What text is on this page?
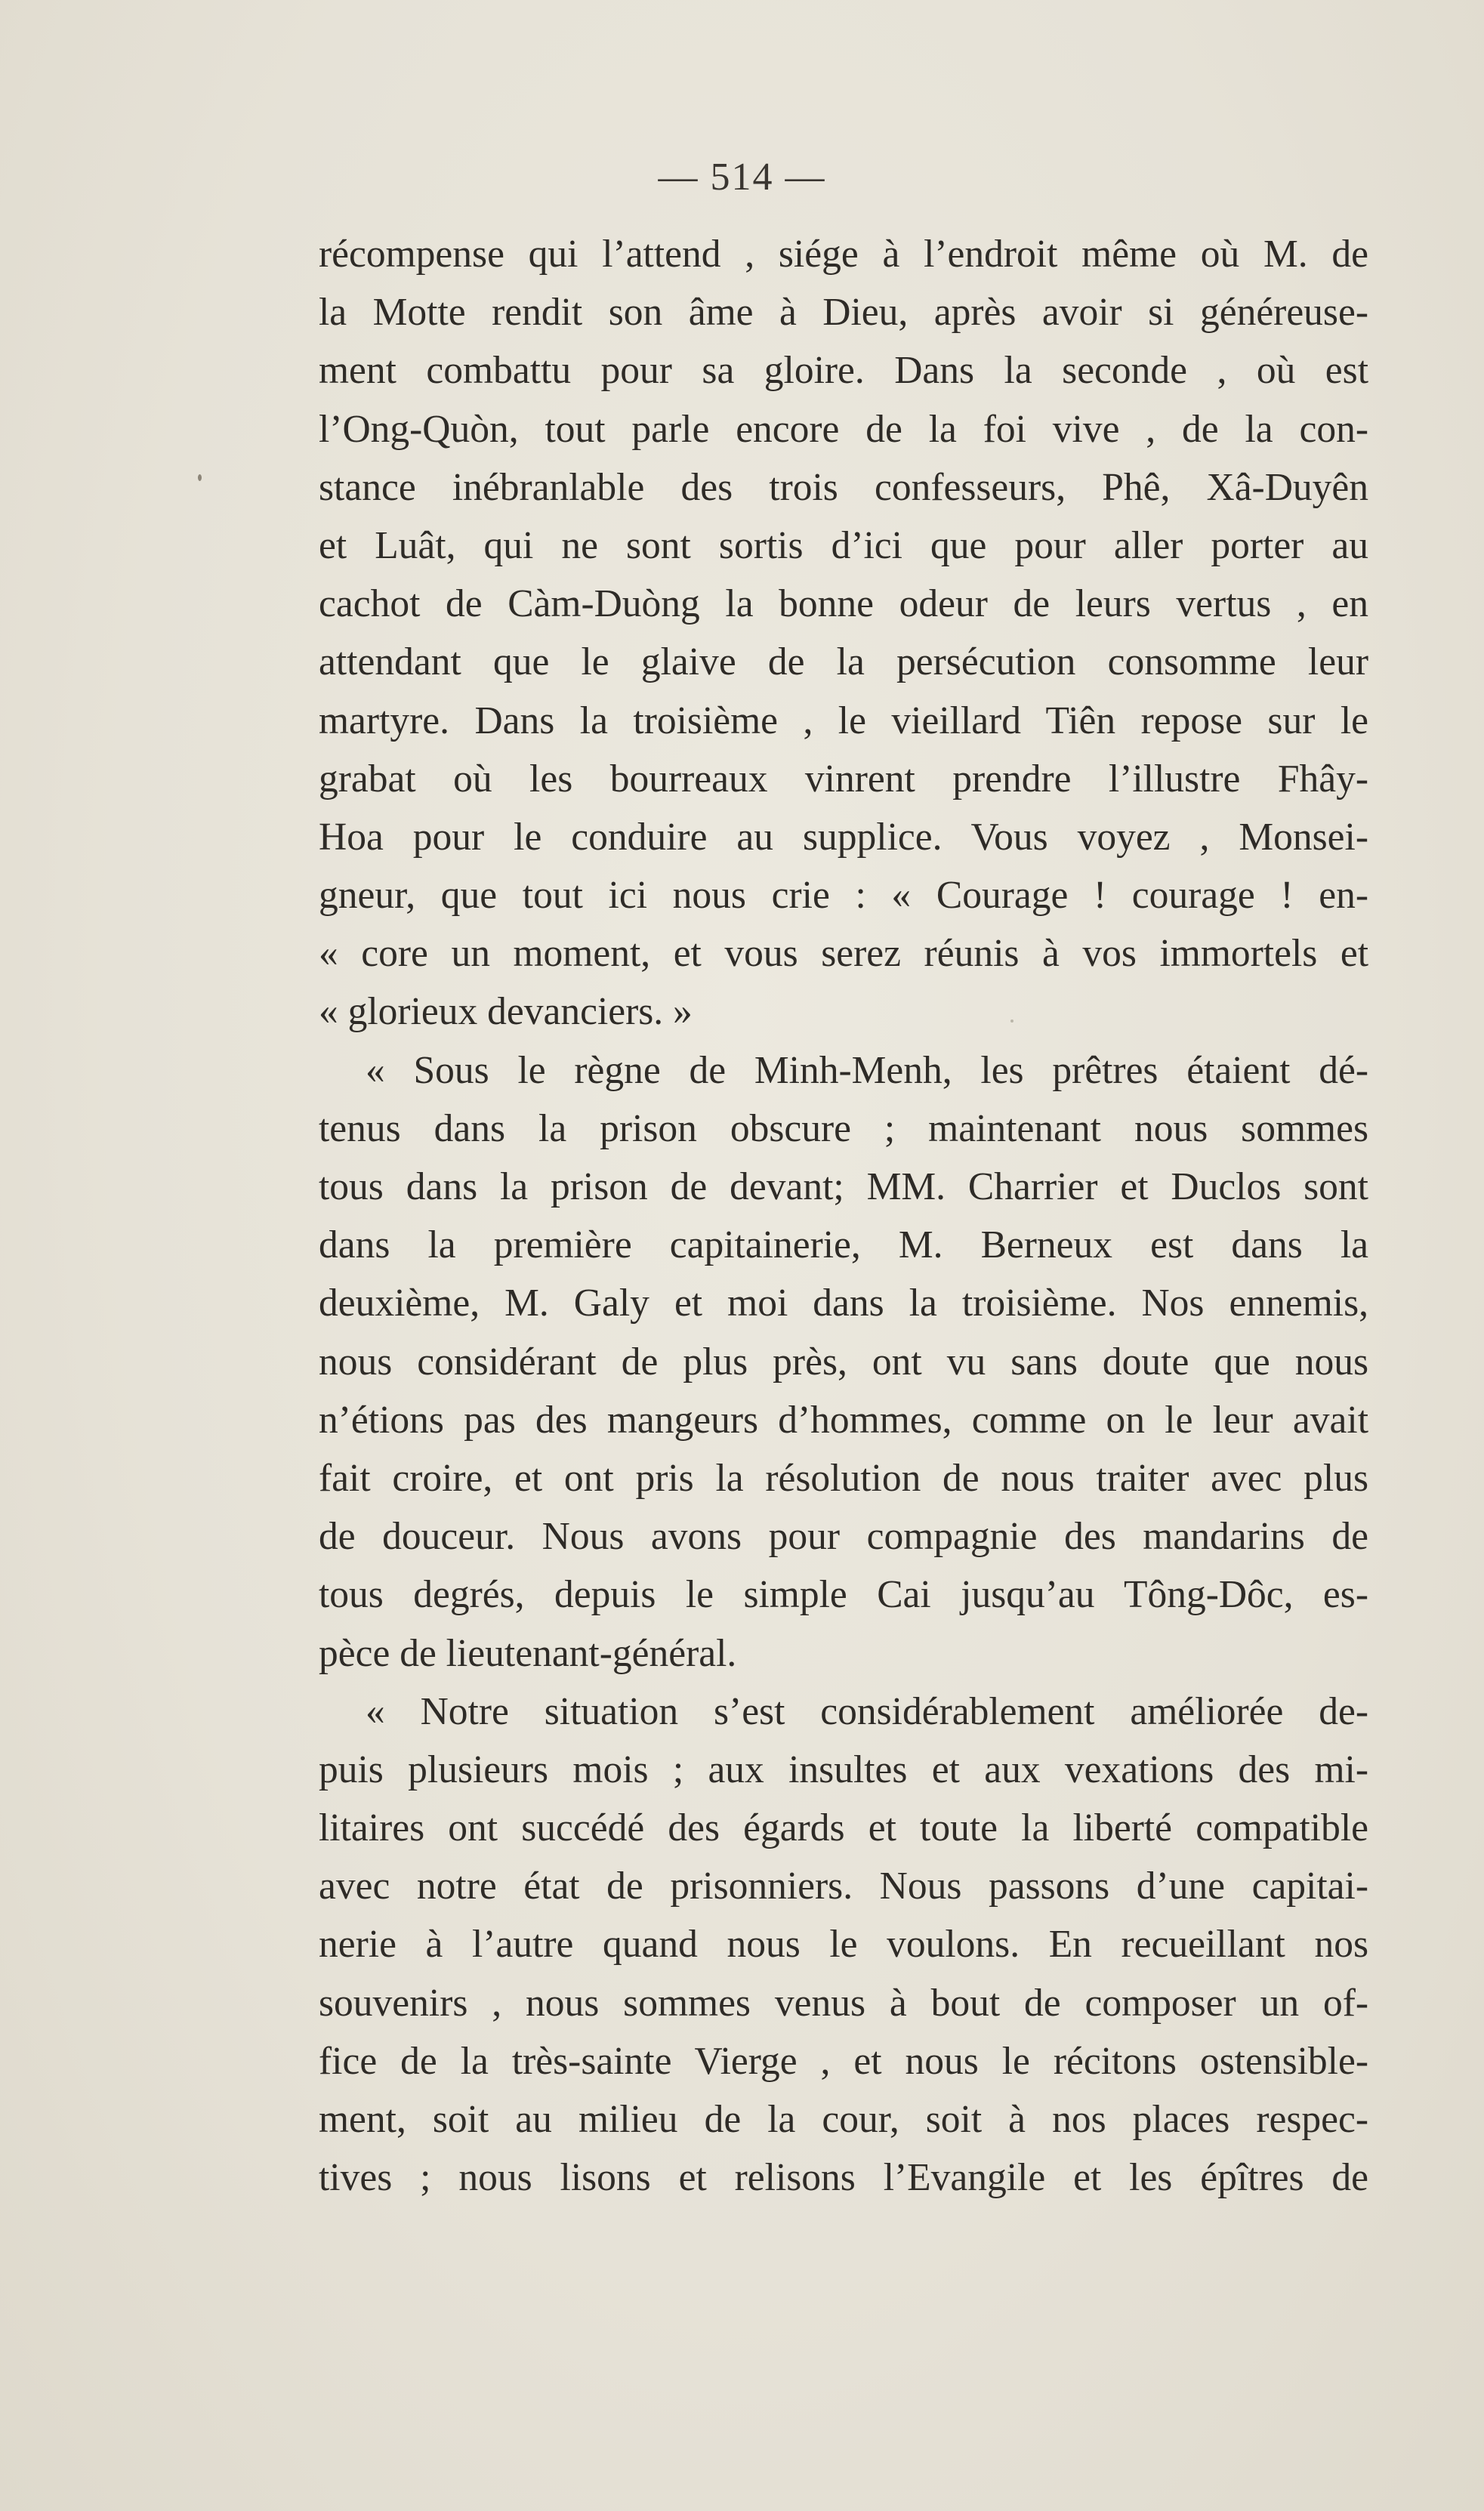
— 514 —
récompense qui l’attend , siége à l’endroit même où M. de
la Motte rendit son âme à Dieu, après avoir si généreuse-
ment combattu pour sa gloire. Dans la seconde , où est
l’Ong-Quòn, tout parle encore de la foi vive , de la con-
stance inébranlable des trois confesseurs, Phê, Xâ-Duyên
et Luât, qui ne sont sortis d’ici que pour aller porter au
cachot de Càm-Duòng la bonne odeur de leurs vertus , en
attendant que le glaive de la persécution consomme leur
martyre. Dans la troisième , le vieillard Tiên repose sur le
grabat où les bourreaux vinrent prendre l’illustre Fhây-
Hoa pour le conduire au supplice. Vous voyez , Monsei-
gneur, que tout ici nous crie : « Courage ! courage ! en-
« core un moment, et vous serez réunis à vos immortels et
« glorieux devanciers. »
« Sous le règne de Minh-Menh, les prêtres étaient dé-
tenus dans la prison obscure ; maintenant nous sommes
tous dans la prison de devant; MM. Charrier et Duclos sont
dans la première capitainerie, M. Berneux est dans la
deuxième, M. Galy et moi dans la troisième. Nos ennemis,
nous considérant de plus près, ont vu sans doute que nous
n’étions pas des mangeurs d’hommes, comme on le leur avait
fait croire, et ont pris la résolution de nous traiter avec plus
de douceur. Nous avons pour compagnie des mandarins de
tous degrés, depuis le simple Cai jusqu’au Tông-Dôc, es-
pèce de lieutenant-général.
« Notre situation s’est considérablement améliorée de-
puis plusieurs mois ; aux insultes et aux vexations des mi-
litaires ont succédé des égards et toute la liberté compatible
avec notre état de prisonniers. Nous passons d’une capitai-
nerie à l’autre quand nous le voulons. En recueillant nos
souvenirs , nous sommes venus à bout de composer un of-
fice de la très-sainte Vierge , et nous le récitons ostensible-
ment, soit au milieu de la cour, soit à nos places respec-
tives ; nous lisons et relisons l’Evangile et les épîtres de
